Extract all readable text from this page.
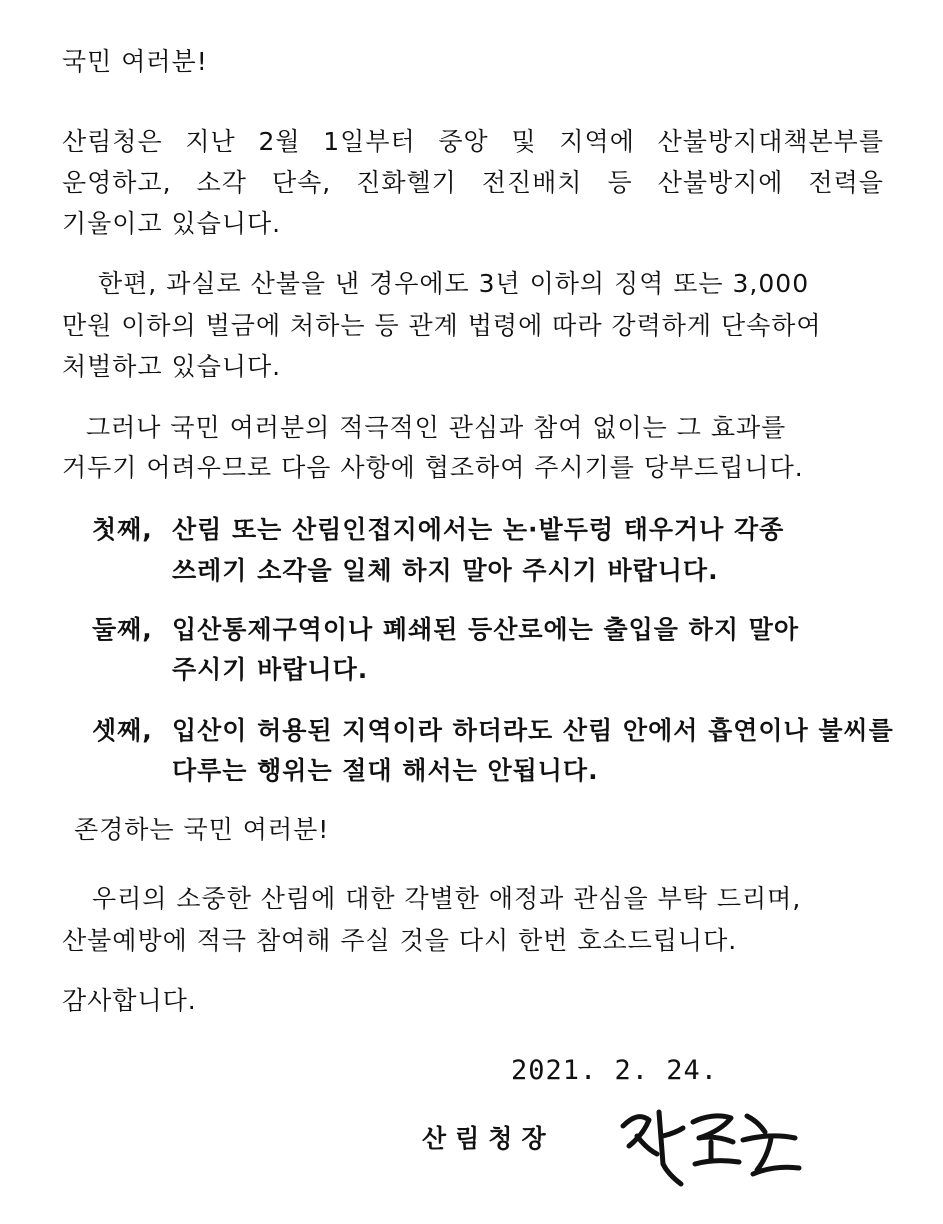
국민 여러분!
산림청은 지난 2월 1일부터 중앙 및 지역에 산불방지대책본부를
운영하고, 소각 단속, 진화헬기 전진배치 등 산불방지에 전력을
기울이고 있습니다.
한편, 과실로 산불을 낸 경우에도 3년 이하의 징역 또는 3,000
만원 이하의 벌금에 처하는 등 관계 법령에 따라 강력하게 단속하여
처벌하고 있습니다.
그러나 국민 여러분의 적극적인 관심과 참여 없이는 그 효과를
거두기 어려우므로 다음 사항에 협조하여 주시기를 당부드립니다.
첫째, 산림 또는 산림인접지에서는 논·밭두렁 태우거나 각종
쓰레기 소각을 일체 하지 말아 주시기 바랍니다.
둘째, 입산통제구역이나 폐쇄된 등산로에는 출입을 하지 말아
주시기 바랍니다.
셋째, 입산이 허용된 지역이라 하더라도 산림 안에서 흡연이나 불씨를
다루는 행위는 절대 해서는 안됩니다.
존경하는 국민 여러분!
우리의 소중한 산림에 대한 각별한 애정과 관심을 부탁 드리며,
산불예방에 적극 참여해 주실 것을 다시 한번 호소드립니다.
감사합니다.
2021. 2. 24.
산림청장
